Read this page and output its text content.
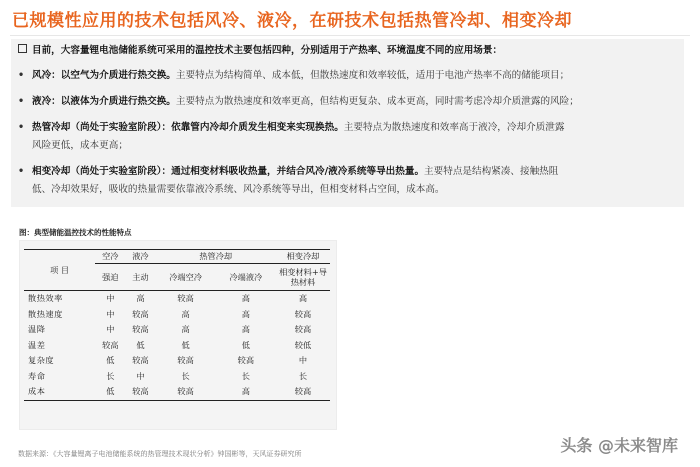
已规模性应用的技术包括风冷、液冷，在研技术包括热管冷却、相变冷却
目前，大容量锂电池储能系统可采用的温控技术主要包括四种，分别适用于产热率、环境温度不同的应用场景：
• 风冷：以空气为介质进行热交换。主要特点为结构简单、成本低，但散热速度和效率较低，适用于电池产热率不高的储能项目；
• 液冷：以液体为介质进行热交换。主要特点为散热速度和效率更高，但结构更复杂、成本更高，同时需考虑冷却介质泄露的风险；
• 热管冷却（尚处于实验室阶段）：依靠管内冷却介质发生相变来实现换热。主要特点为散热速度和效率高于液冷，冷却介质泄露
风险更低，成本更高；
• 相变冷却（尚处于实验室阶段）：通过相变材料吸收热量，并结合风冷/液冷系统等导出热量。主要特点是结构紧凑、接触热阻
低、冷却效果好，吸收的热量需要依靠液冷系统、风冷系统等导出，但相变材料占空间，成本高。
图：典型储能温控技术的性能特点
项 目	空冷	液冷	热管冷却		相变冷却
	强迫	主动	冷端空冷	冷端液冷	相变材料+导热材料
散热效率	中	高	较高	高	高
散热速度	中	较高	高	高	较高
温降	中	较高	高	高	较高
温差	较高	低	低	低	较低
复杂度	低	较高	较高	较高	中
寿命	长	中	长	长	长
成本	低	较高	较高	高	较高
数据来源：《大容量锂离子电池储能系统的热管理技术现状分析》钟国彬等，天风证券研究所	头条 @未来智库
